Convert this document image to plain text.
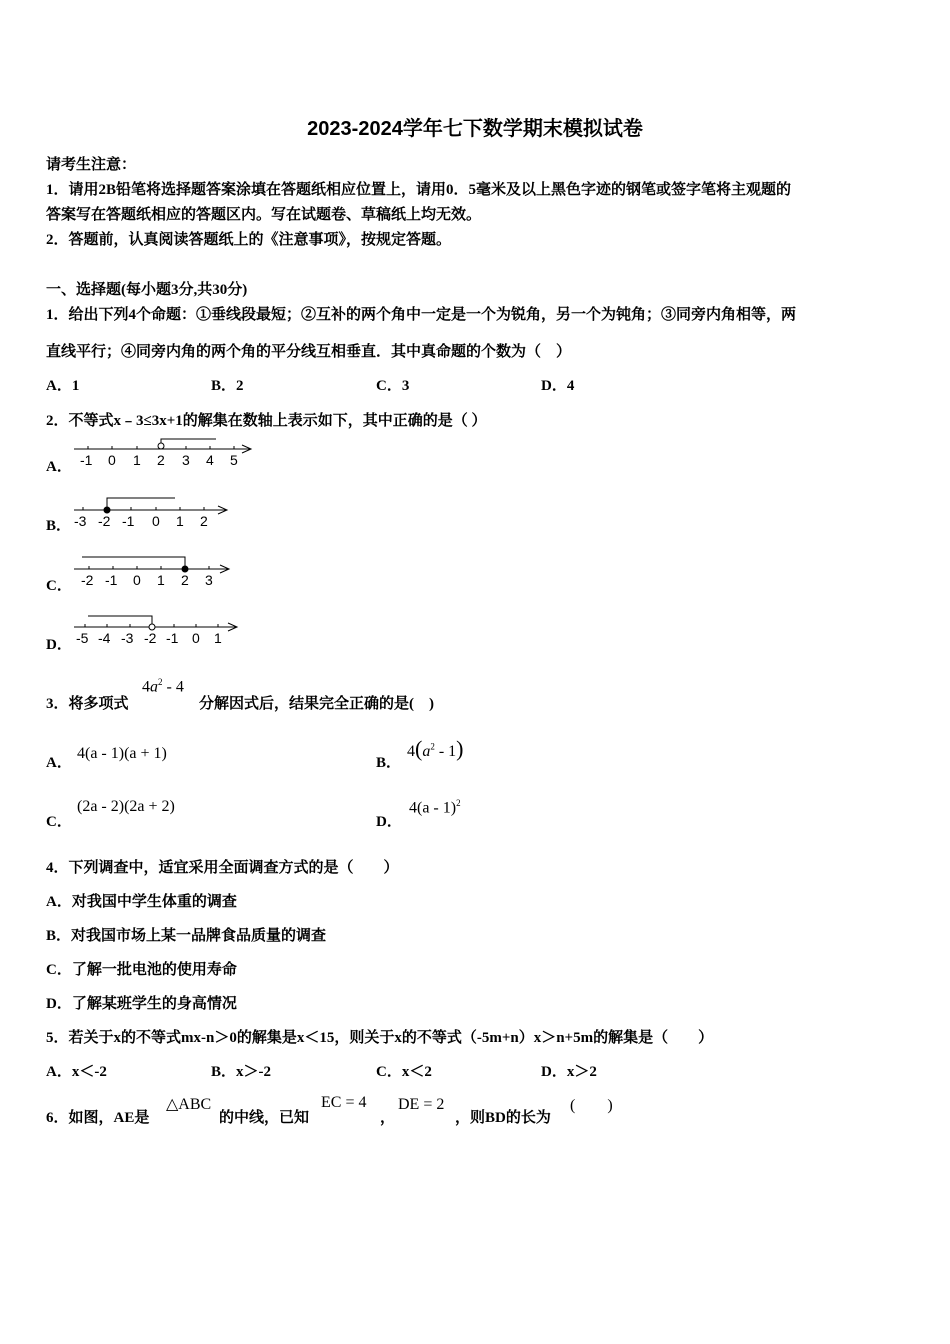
2023-2024学年七下数学期末模拟试卷
请考生注意：
1．请用2B铅笔将选择题答案涂填在答题纸相应位置上，请用0．5毫米及以上黑色字迹的钢笔或签字笔将主观题的
答案写在答题纸相应的答题区内。写在试题卷、草稿纸上均无效。
2．答题前，认真阅读答题纸上的《注意事项》，按规定答题。
一、选择题(每小题3分,共30分)
1．给出下列4个命题：①垂线段最短；②互补的两个角中一定是一个为锐角，另一个为钝角；③同旁内角相等，两
直线平行；④同旁内角的两个角的平分线互相垂直．其中真命题的个数为（　）
A．1	B．2	C．3	D．4
2．不等式x﹣3≤3x+1的解集在数轴上表示如下，其中正确的是（ ）
A． -1 0 1 2 3 4 5
B． -3 -2 -1 0 1 2
C． -2 -1 0 1 2 3
D． -5 -4 -3 -2 -1 0 1
3．将多项式
$4a^2 - 4$
分解因式后，结果完全正确的是(　)
A．
4(a - 1)(a + 1)
B．
$4(a^2 - 1)$
C．
(2a - 2)(2a + 2)
D．
4(a - 1)$^2$
4．下列调查中，适宜采用全面调查方式的是（　　）
A．对我国中学生体重的调查
B．对我国市场上某一品牌食品质量的调查
C．了解一批电池的使用寿命
D．了解某班学生的身高情况
5．若关于x的不等式mx-n＞0的解集是x＜15，则关于x的不等式（-5m+n）x＞n+5m的解集是（　　）
A．x＜-2	B．x＞-2	C．x＜2	D．x＞2
6．如图，AE是
△ABC
的中线，已知
EC = 4
，
DE = 2
，则BD的长为
(　　)
